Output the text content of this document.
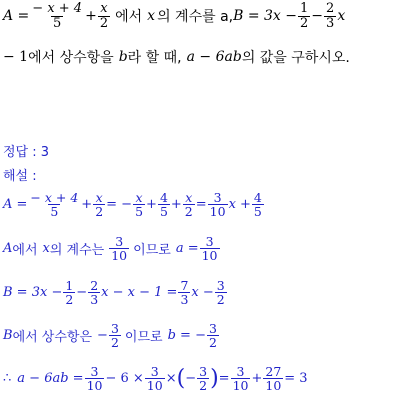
$A = \frac{- x + 4}{5} + \frac{x}{2}$ 에서 x 의 계수를 a, $B = 3x - \frac{1}{2} - \frac{2}{3}$ x
− 1 에서 상수항을 b 라 할 때, a − 6ab 의 값을 구하시오.
정답 : 3
해설 :
$A = \frac{- x + 4}{5} + \frac{x}{2}$ = − $\frac{x}{5} + \frac{4}{5} + \frac{x}{2} = \frac{3}{10}$ $x + \frac{4}{5}$
A 에서 x 의 계수는 $\frac{3}{10}$ 이므로 $a = \frac{3}{10}$
$B = 3x - \frac{1}{2} - \frac{2}{3}$ $x - x - 1 = \frac{7}{3}$ $x - \frac{3}{2}$
B 에서 상수항은 − $\frac{3}{2}$ 이므로 b = − $\frac{3}{2}$
∴ $a - 6ab = \frac{3}{10} - 6 \times \frac{3}{10}$ × ( − $\frac{3}{2}$ ) = $\frac{3}{10} + \frac{27}{10} = 3$
